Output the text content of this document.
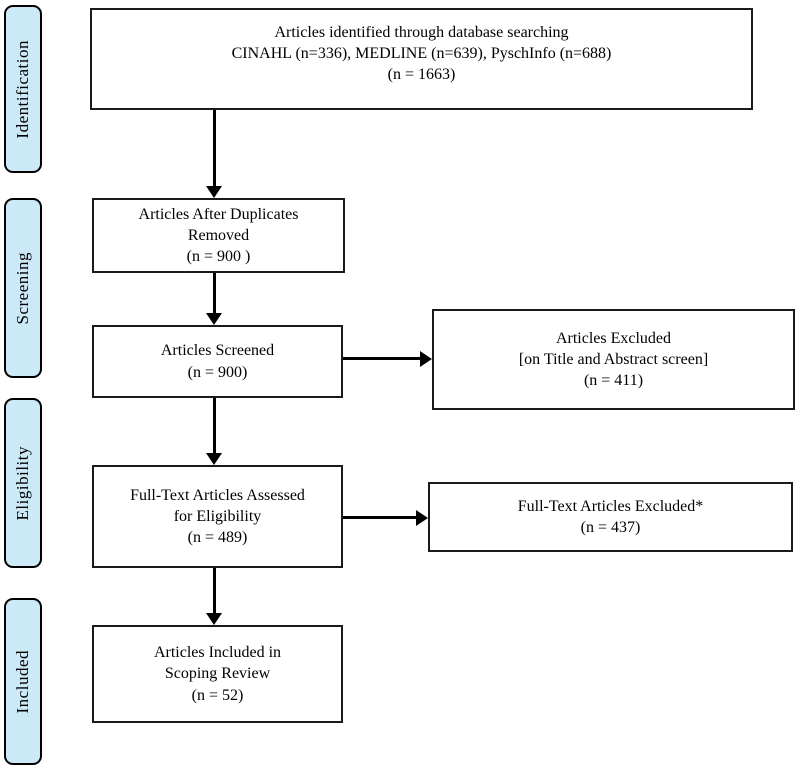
Identification
Screening
Eligibility
Included
Articles identified through database searching
CINAHL (n=336), MEDLINE (n=639), PyschInfo (n=688)
(n = 1663)
Articles After Duplicates
Removed
(n = 900 )
Articles Screened
(n = 900)
Articles Excluded
[on Title and Abstract screen]
(n = 411)
Full-Text Articles Assessed
for Eligibility
(n = 489)
Full-Text Articles Excluded*
(n = 437)
Articles Included in
Scoping Review
(n = 52)
